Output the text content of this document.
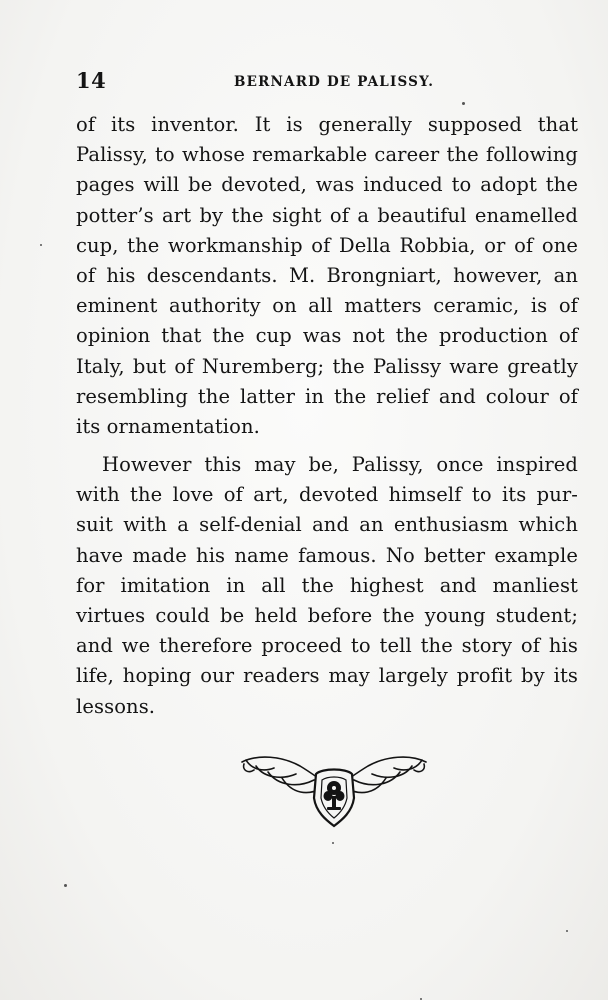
14	BERNARD DE PALISSY.
of its inventor. It is generally supposed that
Palissy, to whose remarkable career the following
pages will be devoted, was induced to adopt the
potter’s art by the sight of a beautiful enamelled
cup, the workmanship of Della Robbia, or of one
of his descendants. M. Brongniart, however, an
eminent authority on all matters ceramic, is of
opinion that the cup was not the production of
Italy, but of Nuremberg; the Palissy ware greatly
resembling the latter in the relief and colour of
its ornamentation.
However this may be, Palissy, once inspired
with the love of art, devoted himself to its pur-
suit with a self-denial and an enthusiasm which
have made his name famous. No better example
for imitation in all the highest and manliest
virtues could be held before the young student;
and we therefore proceed to tell the story of his
life, hoping our readers may largely profit by its
lessons.
